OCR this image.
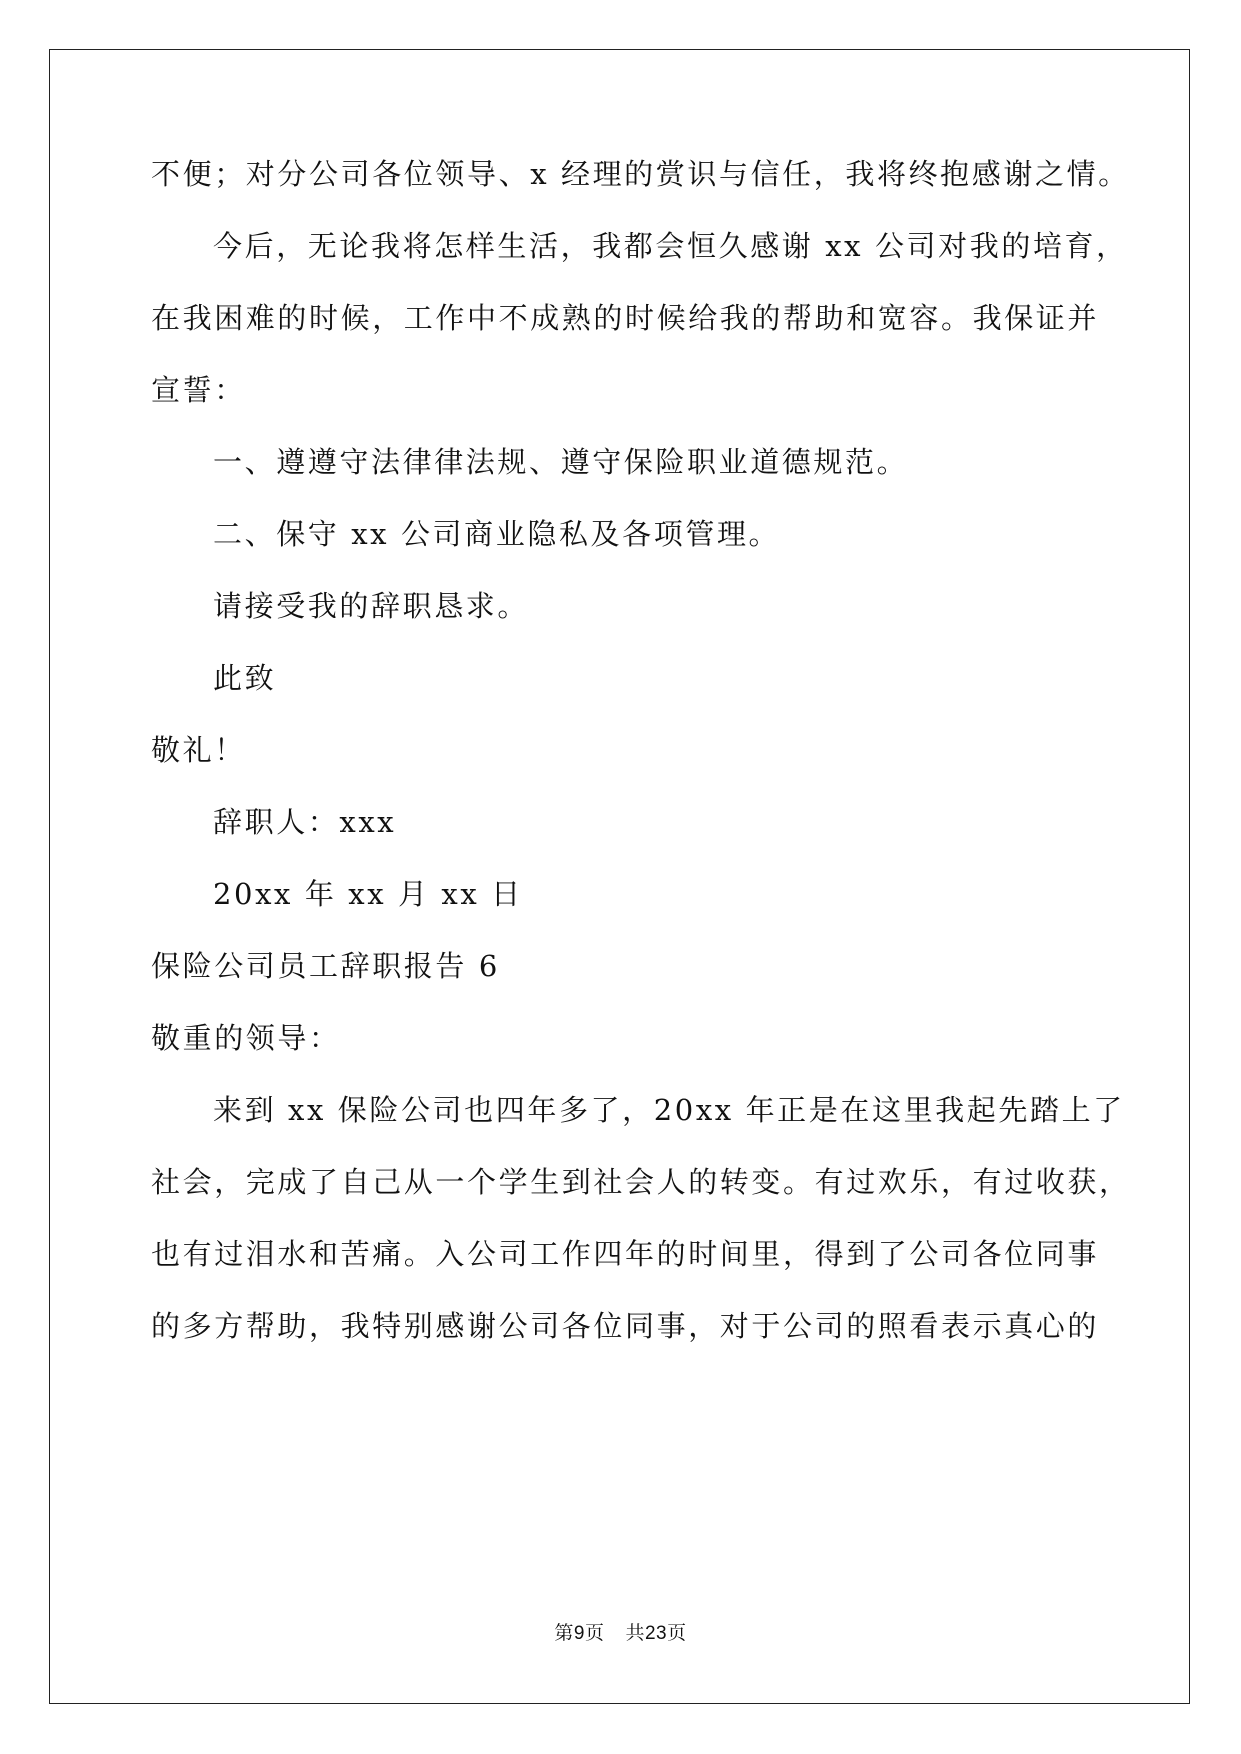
不便；对分公司各位领导、x 经理的赏识与信任，我将终抱感谢之情。
今后，无论我将怎样生活，我都会恒久感谢 xx 公司对我的培育，
在我困难的时候，工作中不成熟的时候给我的帮助和宽容。我保证并
宣誓：
一、遵遵守法律律法规、遵守保险职业道德规范。
二、保守 xx 公司商业隐私及各项管理。
请接受我的辞职恳求。
此致
敬礼！
辞职人：xxx
20xx 年 xx 月 xx 日
保险公司员工辞职报告 6
敬重的领导：
来到 xx 保险公司也四年多了，20xx 年正是在这里我起先踏上了
社会，完成了自己从一个学生到社会人的转变。有过欢乐，有过收获，
也有过泪水和苦痛。入公司工作四年的时间里，得到了公司各位同事
的多方帮助，我特别感谢公司各位同事，对于公司的照看表示真心的
第9页 共23页
